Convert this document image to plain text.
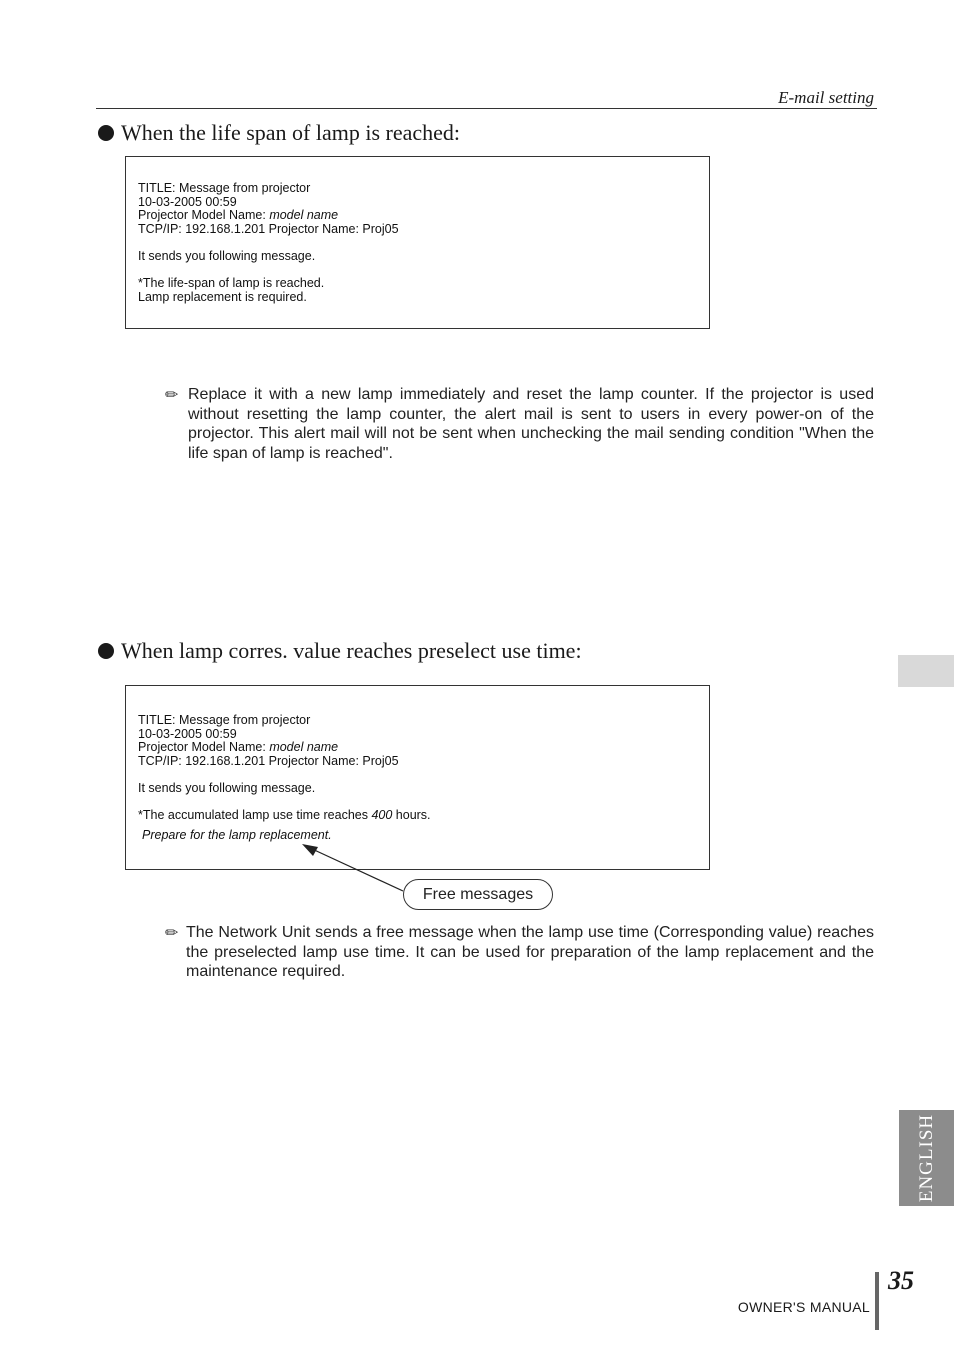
E-mail setting
When the life span of lamp is reached:
TITLE: Message from projector
10-03-2005 00:59
Projector Model Name: model name
TCP/IP: 192.168.1.201 Projector Name: Proj05
It sends you following message.
*The life-span of lamp is reached.
Lamp replacement is required.
✏ Replace it with a new lamp immediately and reset the lamp counter. If the projector is used without resetting the lamp counter, the alert mail is sent to users in every power-on of the projector. This alert mail will not be sent when unchecking the mail sending condition "When the life span of lamp is reached".
When lamp corres. value reaches preselect use time:
TITLE: Message from projector
10-03-2005 00:59
Projector Model Name: model name
TCP/IP: 192.168.1.201 Projector Name: Proj05
It sends you following message.
*The accumulated lamp use time reaches 400 hours.
Prepare for the lamp replacement.
Free messages
✏ The Network Unit sends a free message when the lamp use time (Corresponding value) reaches the preselected lamp use time. It can be used for preparation of the lamp replacement and the maintenance required.
ENGLISH
OWNER'S MANUAL
35
